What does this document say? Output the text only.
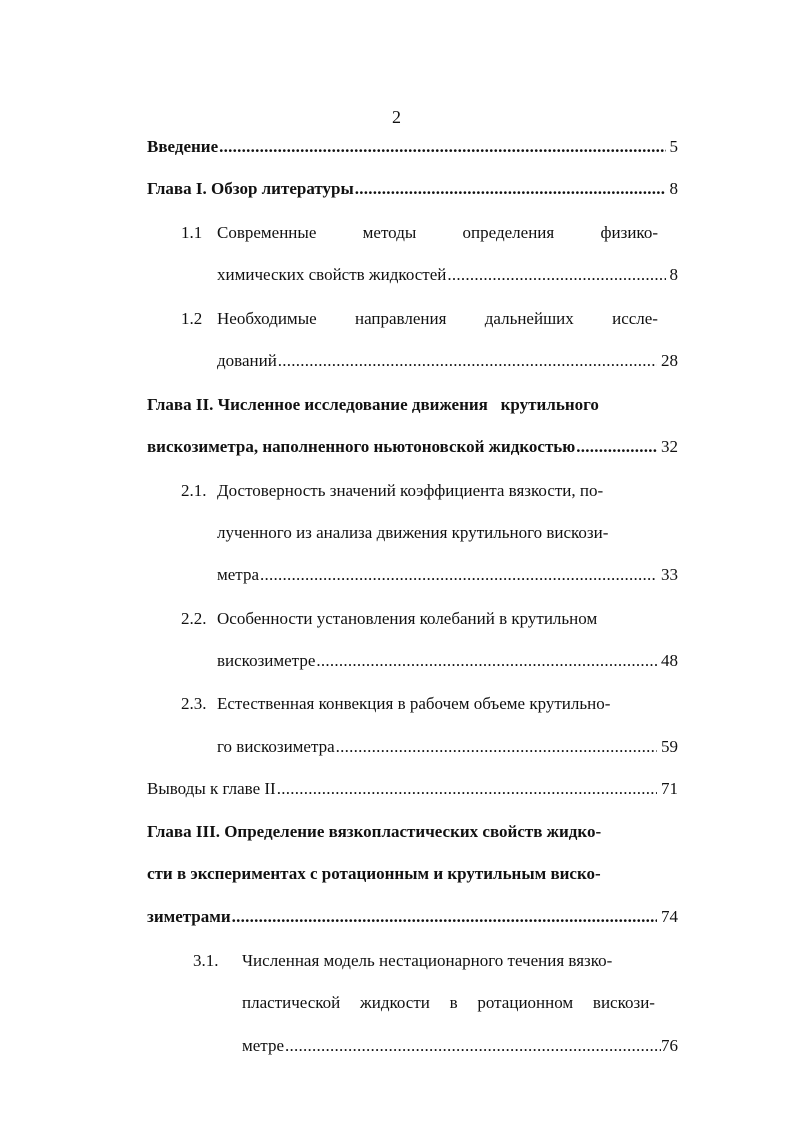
2
Введение . . .	5
Глава I. Обзор литературы . . .	8
1.1 Современные	методы	определения	физико-
химических свойств жидкостей . . .	8
1.2 Необходимые направления дальнейших иссле-
дований . . .	28
Глава II. Численное исследование движения   крутильного
вискозиметра, наполненного ньютоновской жидкостью . . .	32
2.1. Достоверность значений коэффициента вязкости, по-
лученного из анализа движения крутильного вискози-
метра . . .	33
2.2. Особенности установления колебаний в крутильном
вискозиметре . . .	48
2.3. Естественная конвекция в рабочем объеме крутильно-
го вискозиметра . . .	59
Выводы к главе II . . .	71
Глава III. Определение вязкопластических свойств жидко-
сти в экспериментах с ротационным и крутильным виско-
зиметрами . . .	74
3.1. Численная модель нестационарного течения вязко-
пластической жидкости в ротационном вискози-
метре . . .	76
